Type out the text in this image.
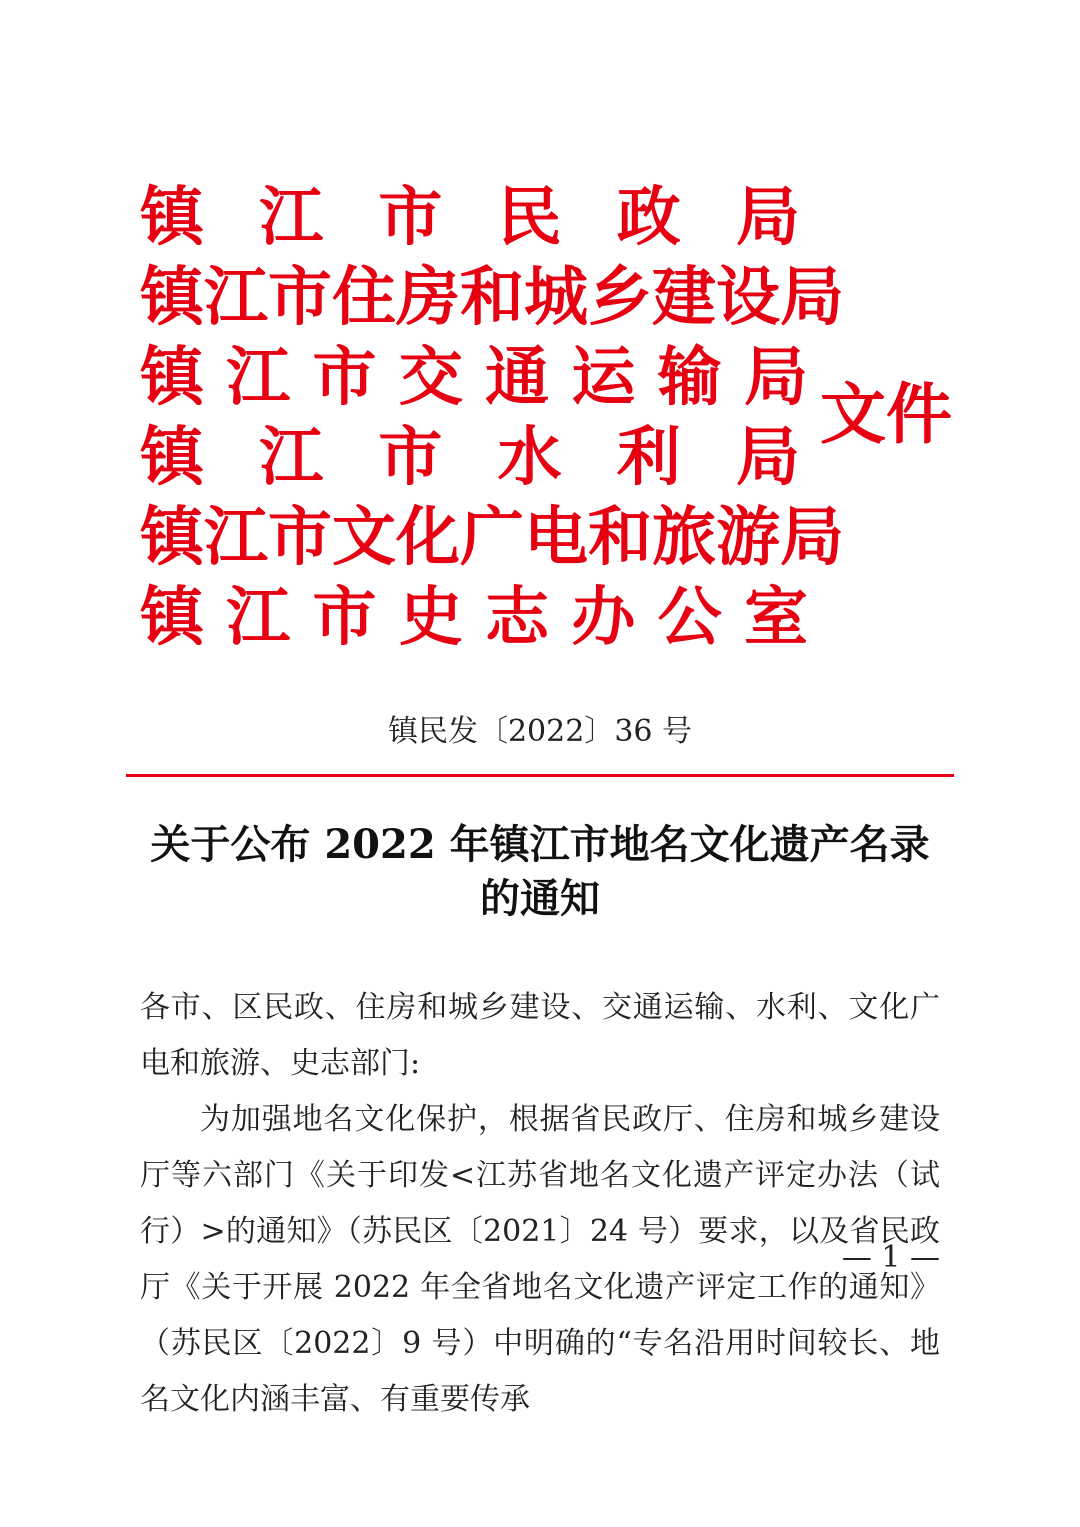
镇 江 市 民 政 局
镇江市住房和城乡建设局
镇 江 市 交 通 运 输 局
镇 江 市 水 利 局
镇江市文化广电和旅游局
镇 江 市 史 志 办 公 室
文件
镇民发〔2022〕36 号
关于公布 2022 年镇江市地名文化遗产名录
的通知

各市、区民政、住房和城乡建设、交通运输、水利、文化广电和旅游、史志部门:

为加强地名文化保护，根据省民政厅、住房和城乡建设厅等六部门《关于印发<江苏省地名文化遗产评定办法（试行）>的通知》（苏民区〔2021〕24 号）要求，以及省民政厅《关于开展 2022 年全省地名文化遗产评定工作的通知》（苏民区〔2022〕9 号）中明确的“专名沿用时间较长、地名文化内涵丰富、有重要传承

— 1 —
